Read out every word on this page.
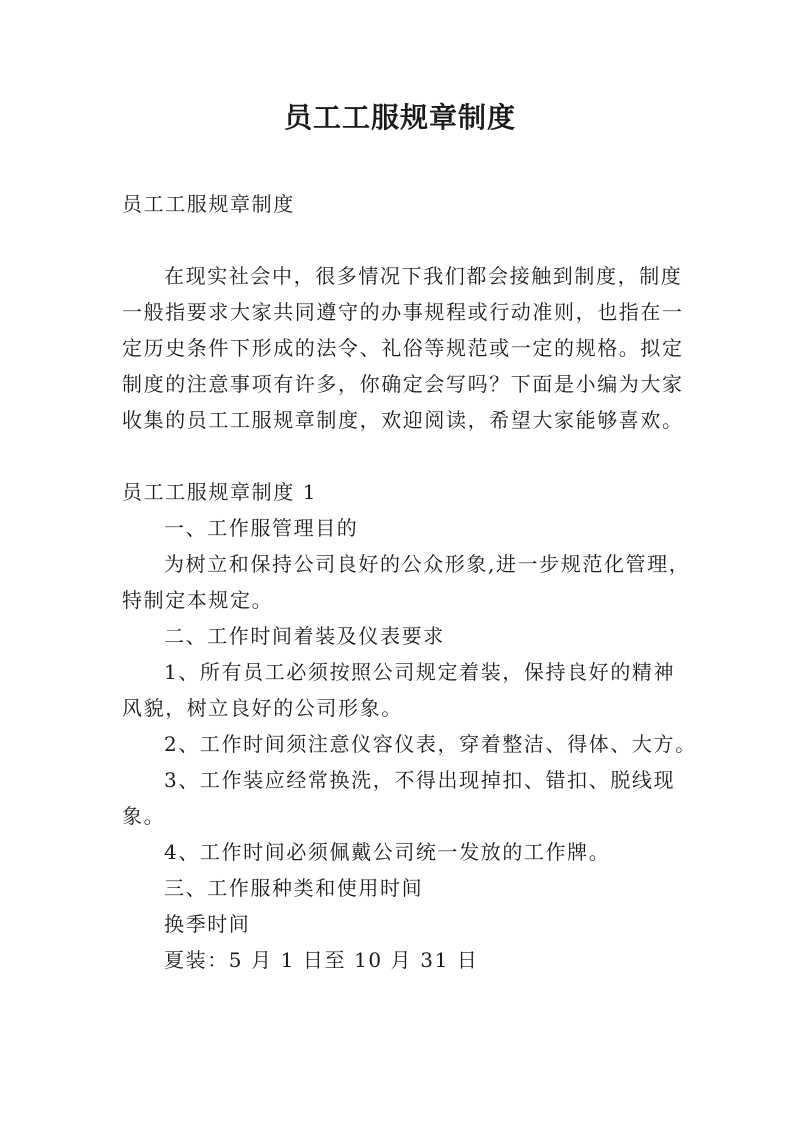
员工工服规章制度
员工工服规章制度
在现实社会中，很多情况下我们都会接触到制度，制度
一般指要求大家共同遵守的办事规程或行动准则，也指在一
定历史条件下形成的法令、礼俗等规范或一定的规格。拟定
制度的注意事项有许多，你确定会写吗？下面是小编为大家
收集的员工工服规章制度，欢迎阅读，希望大家能够喜欢。
员工工服规章制度 1
一、工作服管理目的
为树立和保持公司良好的公众形象,进一步规范化管理，
特制定本规定。
二、工作时间着装及仪表要求
1、所有员工必须按照公司规定着装，保持良好的精神
风貌，树立良好的公司形象。
2、工作时间须注意仪容仪表，穿着整洁、得体、大方。
3、工作装应经常换洗，不得出现掉扣、错扣、脱线现
象。
4、工作时间必须佩戴公司统一发放的工作牌。
三、工作服种类和使用时间
换季时间
夏装：5 月 1 日至 10 月 31 日
